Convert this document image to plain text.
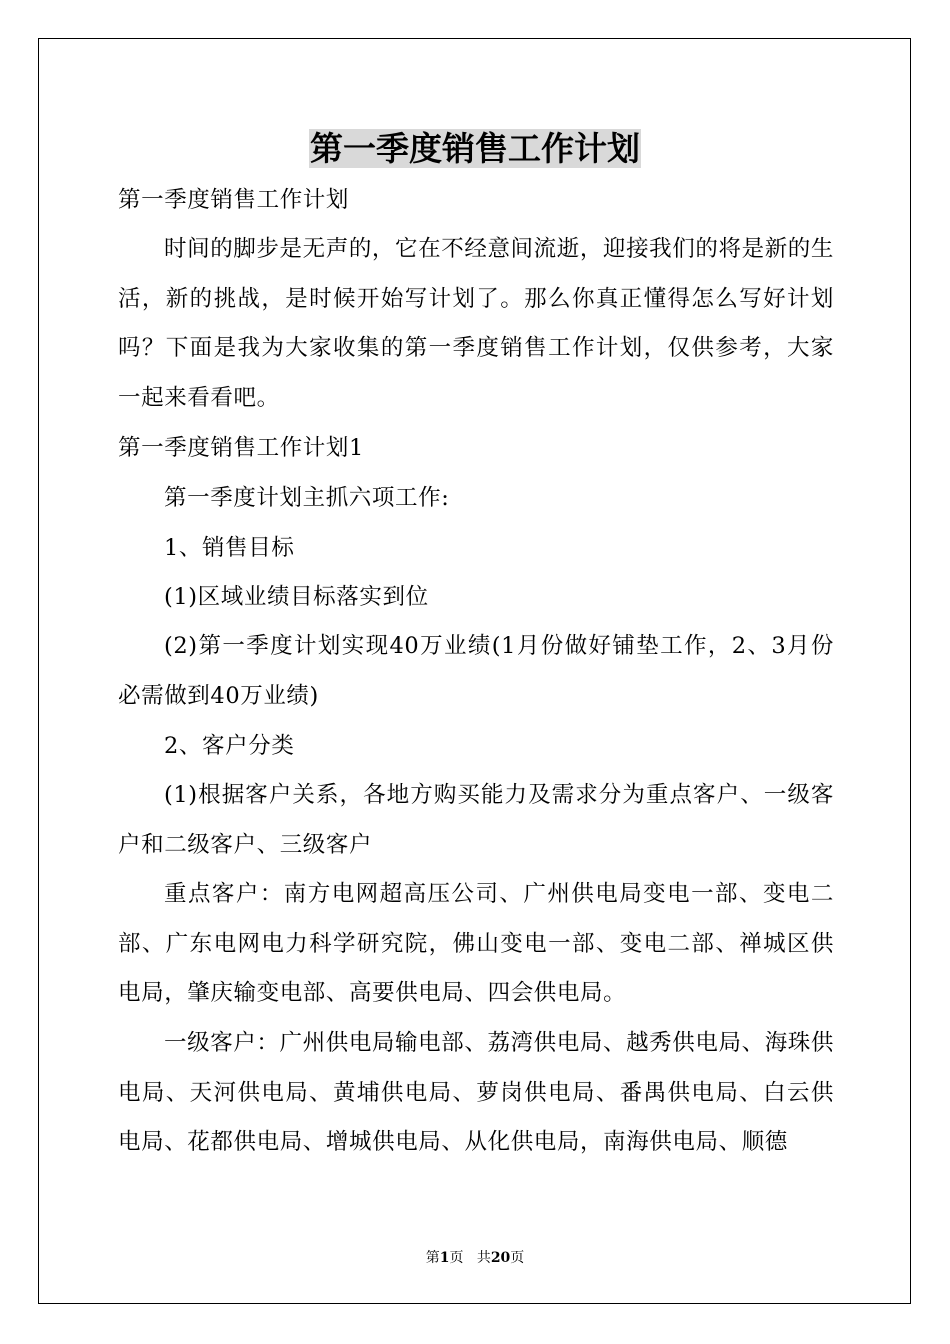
第一季度销售工作计划

第一季度销售工作计划

时间的脚步是无声的，它在不经意间流逝，迎接我们的将是新的生活，新的挑战，是时候开始写计划了。那么你真正懂得怎么写好计划吗？下面是我为大家收集的第一季度销售工作计划，仅供参考，大家一起来看看吧。

第一季度销售工作计划1

第一季度计划主抓六项工作:

1、销售目标

(1)区域业绩目标落实到位

(2)第一季度计划实现40万业绩(1月份做好铺垫工作，2、3月份必需做到40万业绩)

2、客户分类

(1)根据客户关系，各地方购买能力及需求分为重点客户、一级客户和二级客户、三级客户

重点客户：南方电网超高压公司、广州供电局变电一部、变电二部、广东电网电力科学研究院，佛山变电一部、变电二部、禅城区供电局，肇庆输变电部、高要供电局、四会供电局。

一级客户：广州供电局输电部、荔湾供电局、越秀供电局、海珠供电局、天河供电局、黄埔供电局、萝岗供电局、番禺供电局、白云供电局、花都供电局、增城供电局、从化供电局，南海供电局、顺德

第1页 共20页
